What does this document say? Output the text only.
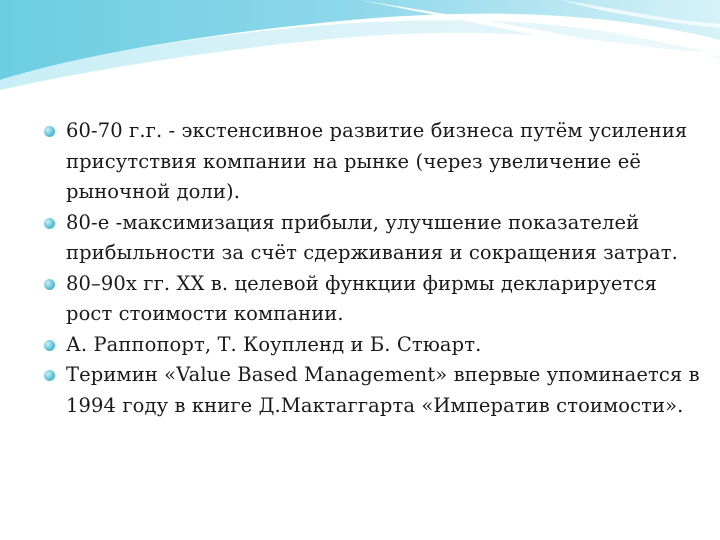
60-70 г.г. - экстенсивное развитие бизнеса путём усиления присутствия компании на рынке (через увеличение её рыночной доли).
80-е -максимизация прибыли, улучшение показателей прибыльности за счёт сдерживания и сокращения затрат.
80–90х гг. XX в. целевой функции фирмы декларируется рост стоимости компании.
А. Раппопорт, Т. Коупленд и Б. Стюарт.
Теримин «Value Based Management» впервые упоминается в 1994 году в книге Д.Мактаггарта «Императив стоимости».
